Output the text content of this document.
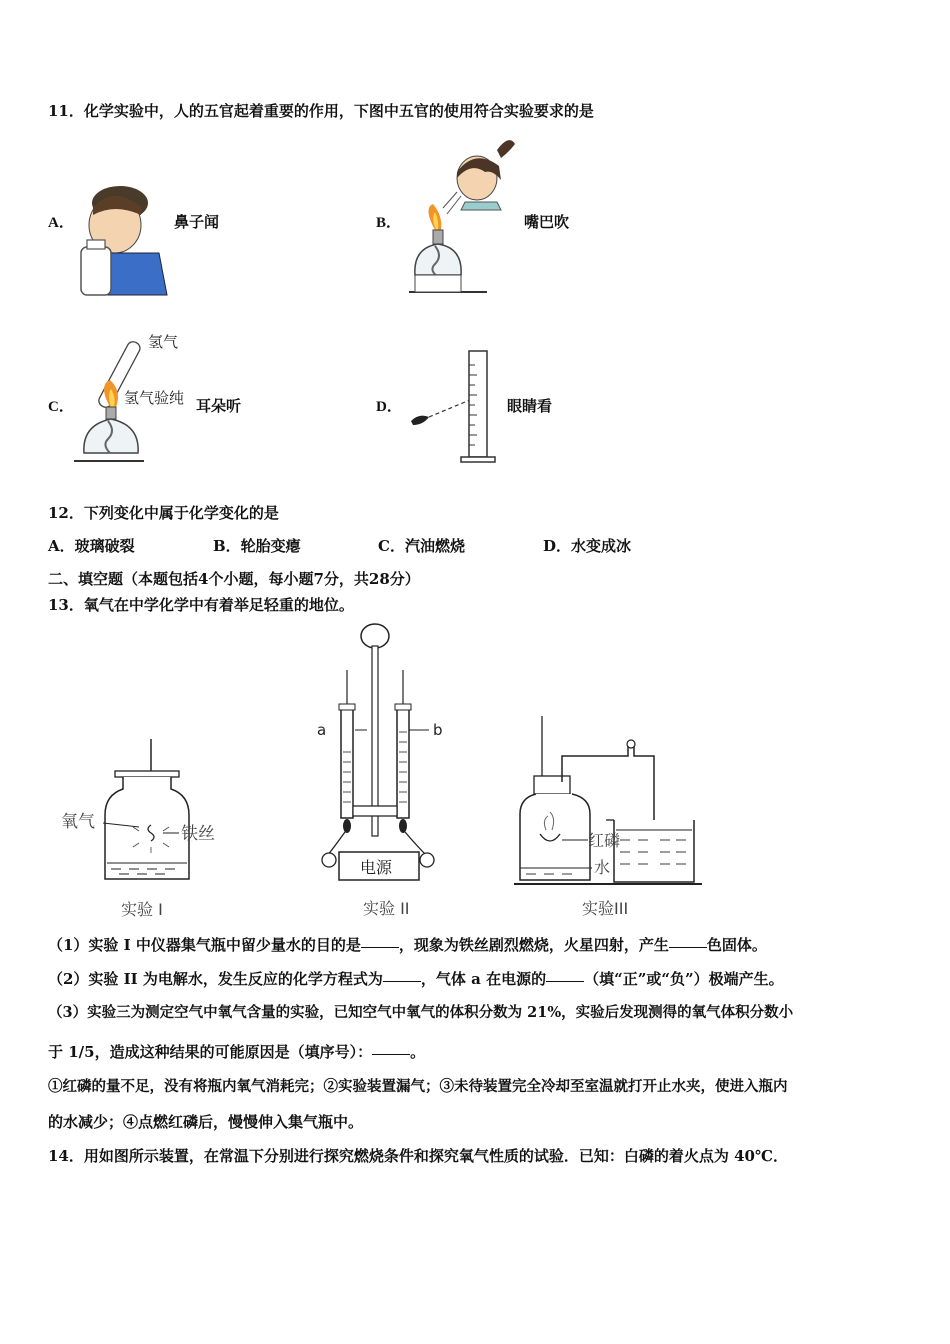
11．化学实验中，人的五官起着重要的作用，下图中五官的使用符合实验要求的是
A．	鼻子闻	B．	嘴巴吹
C．
氢气
氢气验纯 耳朵听	D．	眼睛看
12．下列变化中属于化学变化的是
A．玻璃破裂	B．轮胎变瘪	C．汽油燃烧	D．水变成冰
二、填空题（本题包括4个小题，每小题7分，共28分）
13．氧气在中学化学中有着举足轻重的地位。
氧气
铁丝
实验 I
a	b
电源
实验 II
红磷
水
实验III
（1）实验 I 中仪器集气瓶中留少量水的目的是	，现象为铁丝剧烈燃烧，火星四射，产生	色固体。
（2）实验 II 为电解水，发生反应的化学方程式为	，气体 a 在电源的	（填“正”或“负”）极端产生。
（3）实验三为测定空气中氧气含量的实验，已知空气中氧气的体积分数为 21%，实验后发现测得的氧气体积分数小
于 1/5，造成这种结果的可能原因是（填序号）：	。
①红磷的量不足，没有将瓶内氧气消耗完；②实验装置漏气；③未待装置完全冷却至室温就打开止水夹，使进入瓶内
的水减少；④点燃红磷后，慢慢伸入集气瓶中。
14．用如图所示装置，在常温下分别进行探究燃烧条件和探究氧气性质的试验．已知：白磷的着火点为 40℃．
